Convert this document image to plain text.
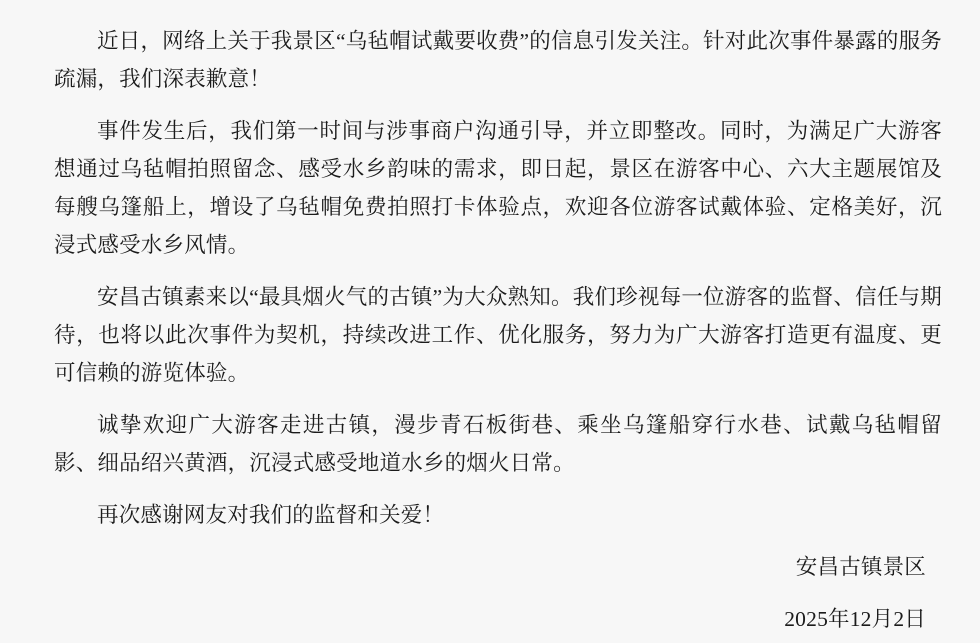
近日，网络上关于我景区“乌毡帽试戴要收费”的信息引发关注。针对此次事件暴露的服务疏漏，我们深表歉意！

事件发生后，我们第一时间与涉事商户沟通引导，并立即整改。同时，为满足广大游客想通过乌毡帽拍照留念、感受水乡韵味的需求，即日起，景区在游客中心、六大主题展馆及每艘乌篷船上，增设了乌毡帽免费拍照打卡体验点，欢迎各位游客试戴体验、定格美好，沉浸式感受水乡风情。

安昌古镇素来以“最具烟火气的古镇”为大众熟知。我们珍视每一位游客的监督、信任与期待，也将以此次事件为契机，持续改进工作、优化服务，努力为广大游客打造更有温度、更可信赖的游览体验。

诚挚欢迎广大游客走进古镇，漫步青石板街巷、乘坐乌篷船穿行水巷、试戴乌毡帽留影、细品绍兴黄酒，沉浸式感受地道水乡的烟火日常。

再次感谢网友对我们的监督和关爱！

安昌古镇景区
2025年12月2日
